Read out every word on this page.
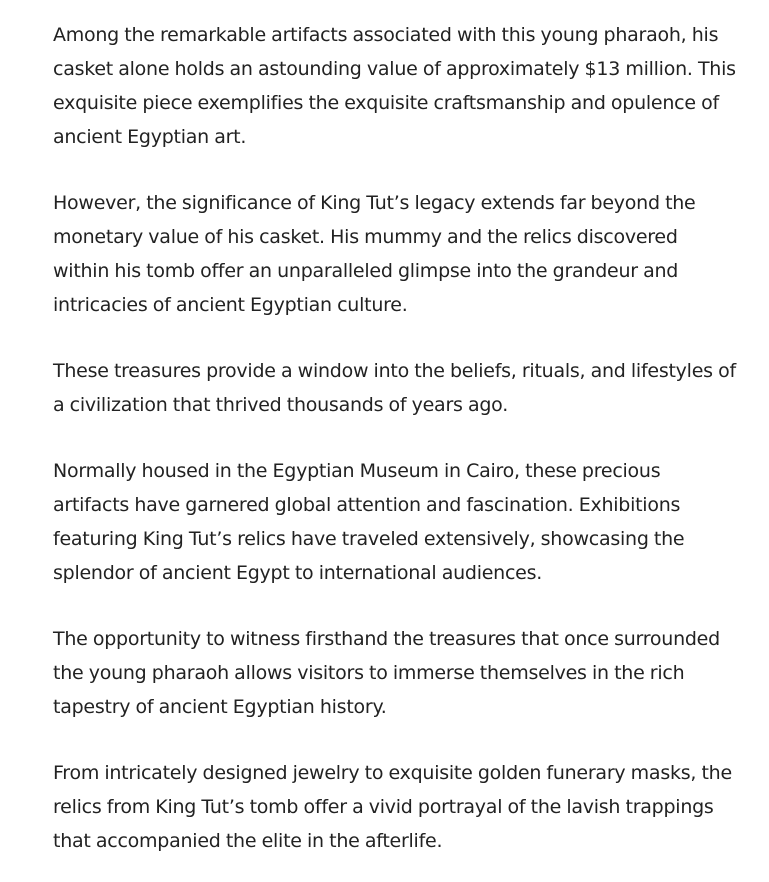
Among the remarkable artifacts associated with this young pharaoh, his casket alone holds an astounding value of approximately $13 million. This exquisite piece exemplifies the exquisite craftsmanship and opulence of ancient Egyptian art.

However, the significance of King Tut’s legacy extends far beyond the monetary value of his casket. His mummy and the relics discovered within his tomb offer an unparalleled glimpse into the grandeur and intricacies of ancient Egyptian culture.

These treasures provide a window into the beliefs, rituals, and lifestyles of a civilization that thrived thousands of years ago.

Normally housed in the Egyptian Museum in Cairo, these precious artifacts have garnered global attention and fascination. Exhibitions featuring King Tut’s relics have traveled extensively, showcasing the splendor of ancient Egypt to international audiences.

The opportunity to witness firsthand the treasures that once surrounded the young pharaoh allows visitors to immerse themselves in the rich tapestry of ancient Egyptian history.

From intricately designed jewelry to exquisite golden funerary masks, the relics from King Tut’s tomb offer a vivid portrayal of the lavish trappings that accompanied the elite in the afterlife.
